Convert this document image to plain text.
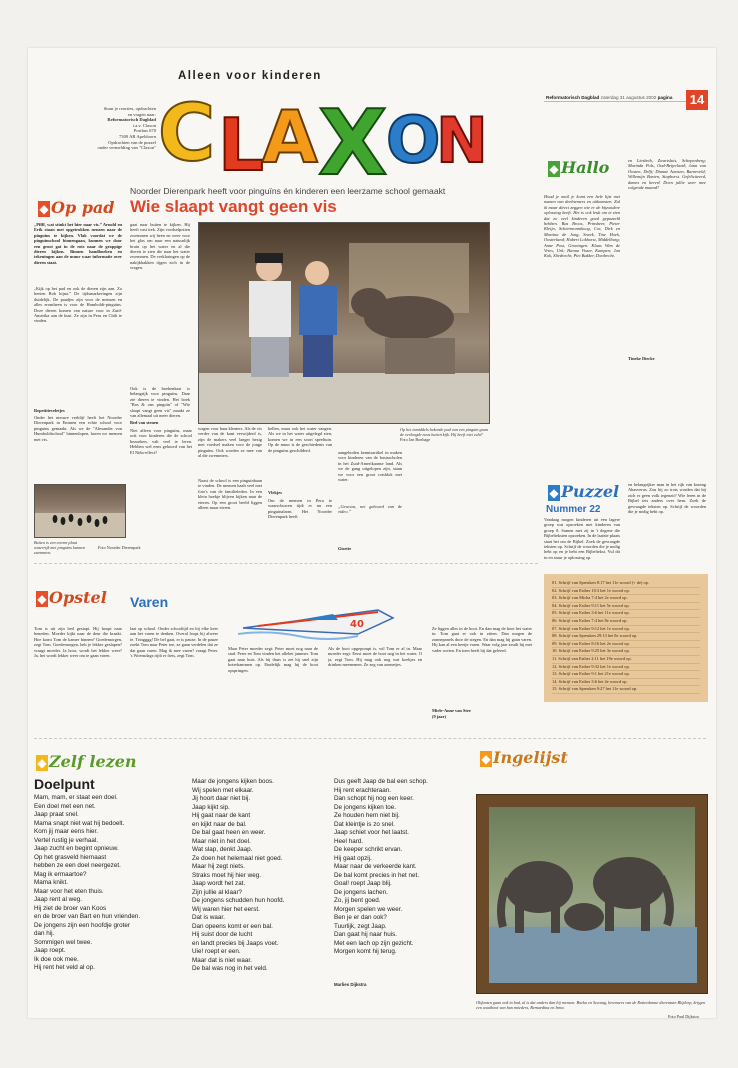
Stuur je reacties, opdrachten
en vragen naar:
Reformatorisch Dagblad
t.a.v. Claxon
Postbus 670
7300 AR Apeldoorn
Opdrachten van de puzzel
onder vermelding van "Claxon"
Alleen voor kinderen
C L
A X
O
N
Reformatorisch Dagblad zaterdag 31 augustus 2002 pagina 14
◆ Op pad
Noorder Dierenpark heeft voor pinguïns én kinderen een leerzame school gemaakt
Wie slaapt vangt geen vis
„Pffff, wat stinkt het hier naar vis.” Arnold en Erik staan met opgetrokken neuzen naar de pinguïns te kijken. Vlak voordat we de pinguïnschool binnengaan, kunnen we door een groot gat in de rots naar de grappige dieren kijken. Binnen handboeken en tekeningen aan de muur waar informatie over dieren staat.
„Kijk op het pad en ook de dieren zijn aan. Zo heeten Bob bijna.” De tijdsmarkeringen zijn duidelijk. De paadjes zijn voor de mensen en alles eromheen is voor de Humboldt-pinguïns. Deze dieren komen van nature voor in Zuid-Amerika aan de kust. Ze zijn in Peru en Chili te vinden.
Repetitieveletjes
Onder het nieuwe verblijf heeft het Noorder Dierenpark in Emmen een echte school voor pinguïns gemaakt. Als we de "Alexander von Humboldtschool" binnenlopen, horen we mensen met vis.
Buiten is een enorm plaat waterrijk met pinguïns kunnen zwemmen.
Foto Noorder Dierenpark
gaat naar buiten te kijken. Hij heeft vast trek. Zijn voedselpotten zwemmen wij heen en weer voor het glas om naar een natuurlijk bruin op het water en al die dieren te zien die naar het water zwemmen. De verklaringen op de nakijkbakken tijgen zich in de vragen.
Ook is de boekenkast is belangrijk voor pinguïns. Daar zie dieren te vinden. Het boek "Bos & ons pinguïn" of "Wie slaapt vangt geen vis" maakt ze van allemaal uit meer dieren.
Op het inmiddels bekende pad van een pinguïn gaan de verlengde neus buiten kijk. Hij heeft niet echt? Foto Jan Bonhage
wagen voor haar kleuters. Als de vis verder van de kant verwijderd is, zijn de makers veel langer bezig met voedsel maken voor de jonge pinguïns. Ook worden ze mee van al die zwemmers.
Naast de school is een pinguïnbaan te vinden. De mensen haalt veel met foto's van de familieleden. In een klein hoekje blijven kijken naar de eieren. Op een groot beeld liggen alleen maar eieren.
Bed van stenen
Niet alleen voor pinguïns, maar ook voor kinderen die de school bezoeken, valt veel te leren. Hebben wel eens gehoord van het El Niño-effect?
bellen, maar ook het water vangen. Als we in het water uitgelegd zien, komen we in een soort speeltuin. Op de muur is de geschiedenis van de pinguïns geschilderd.
Vlekjes
Om de mensen in Peru te waarschuwen tijdt er nu een pinguïnalarm. Het Noorder Dierenpark heeft
aangeboden kennisartikel in maken voor kinderen van de basisscholen in het Zuid-Amerikaanse land. Als we de gang uitgelopen zijn, staan we voor een groot rotsblok met water.
„Gewoon, net gehoord van de video.”
Gisette
◆ Hallo
Houd je mail je komt een hele lijst met namen van deelnemers en uitkomsten. Zal ik maar direct zeggen wie er de bijzondere oplossing heeft. Het is ook leuk om te zien dat zo veel kinderen goed gepuzzeld hebben. Bas Broos, Prinsheer, Pieter Kleijn, Schiermonnikoog, Cor, Dirk en Martina de Jong, Sneek, Tine Hoek, Oosterland; Hubert Lokhorst, Middelburg; Anne Post, Groningen. Klaas Wim de Vries, Urk; Hanna Visser, Kampen; Jan Kok, Sliedrecht; Piet Bakker, Dordrecht.
en Liesbeth, Zwartsluis, Schepenberg; Marinda Pols, Oud-Beijerland; Jana van Oosten, Delft; Dianne Aartsen, Barneveld; Willemijn Barten, Staphorst. Gefeliciteerd, dames en heren! Doen jullie weer mee volgende maand?
Tineke Diecke
◆ Puzzel
Nummer 22
Vandaag mogen kinderen uit een lagere groep wat opzoeken met kinderen van groep 8. Samen met zij in 't degene die Bijbelteksten opzoeken. In de laatste plaats staat het om de Bijbel. Zoek de gevraagde teksten op. Schrijf de woorden die je nodig hebt op en je hebt een Bijbeltekst. Vul dit in en stuur je oplossing op.
en belangrijker man in het rijk van koning Ahasverus. Zou hij zo trots worden dat hij zich er geen volk tegenzit? Wie leren in de Bijbel iets anders over hem. Zoek de gevraagde teksten op. Schrijf de woorden die je nodig hebt op.
01. Schrijf van Spreuken 8:17 het 11e woord (+ de) op.
02. Schrijf van Esther 10:3 het 1e woord op.
03. Schrijf van Micha 7:4 het 2e woord op.
04. Schrijf van Esther 9:11 het 5e woord op.
05. Schrijf van Esther 3:6 het 11e woord op.
06. Schrijf van Esther 7:4 het 8e woord op.
07. Schrijf van Esther 9:12 het 1e woord op.
08. Schrijf van Spreuken 29:13 het 8e woord op.
09. Schrijf van Esther 8:16 het 2e woord op.
10. Schrijf van Esther 9:25 het 3e woord op.
11. Schrijf van Esther 2:11 het 19e woord op.
12. Schrijf van Esther 9:32 het 1e woord op.
13. Schrijf van Esther 9:1 het 21e woord op.
14. Schrijf van Esther 3:6 het 4e woord op.
15. Schrijf van Spreuken 9:27 het 11e woord op.
◆ Opstel Varen
40
Tom is uit zijn bed gestapt. Hij hoopt naar beneden. Moeder kijkt naar de deur die kraakt. Hoe komt Tom de kamer binnen? Goedemorgen, zegt Tom. Goedemorgen, heb je lekker geslapen? vraagt moeder. Ja hoor, wordt het lekker weer? Ja, het wordt lekker weer om te gaan varen.
laat op school. Onder schooltijd en bij elke keer aan het varen te denken. Overal loopt hij alweer te. Tringggg! De bel gaat, er is pauze. In de pauze zoekt Tom naar Peter toe, ze gaan verdelen dat ze dat gaan varen. Mag ik mee varen? vraagt Peter. 's Woensdags rijdt er fiets, zegt Tom.
Maar Peter moeder zegt: Peter moet nog naar de stad. Peter en Tom vinden het allebei jammer. Tom gaat naar huis. Als hij thuis is zet hij snel zijn boterhammen op. Eindelijk mag hij de boot opspringen.
Als de boot opgepompt is, wil Tom er al in. Maar moeder zegt: Eerst moet de boot nog in het water. O ja, zegt Tom. Hij mag ook nog wat koekjes en drinken meenemen. Ze zeg van zonnetjes.
Ze liggen alles in de boot. En dan mag de boot het water in. Tom gaat er ook in zitten. Dan mogen de zonnepanels door de stegen. En dan mag hij gaan varen. Hij kan al een beetje varen. Waar volg jaar zeuilt hij met vader roeien. En toen heeft hij dat geleerd.
Mirle-Anne van Stee
(9 jaar)
◆ Zelf lezen
Doelpunt
Mam, mam, er staat een doel.
Een doel met een net.
Jaap praat snel.
Mama snapt niet wat hij bedoelt.
Kom jij maar eens hier.
Vertel rustig je verhaal.
Jaap zucht en begint opnieuw.
Op het grasveld hiernaast
hebben ze een doel neergezet.
Mag ik ermaartoe?
Mama knikt.
Maar voor het eten thuis.
Jaap rent al weg.
Hij ziet de broer van Koos
en de broer van Bart en hun vrienden.
De jongens zijn een hoofdje groter
dan hij.
Sommigen wel twee.
Jaap roept.
Ik doe ook mee.
Hij rent het veld al op.
Maar de jongens kijken boos.
Wij spelen met elkaar.
Jij hoort daar niet bij.
Jaap kijkt sip.
Hij gaat naar de kant
en kijkt naar de bal.
De bal gaat heen en weer.
Maar niet in het doel.
Wat slap, denkt Jaap.
Ze doen het helemaal niet goed.
Maar hij zegt niets.
Straks moet hij hier weg.
Jaap wordt het zat.
Zijn jullie al klaar?
De jongens schudden hun hoofd.
Wij waren hier het eerst.
Dat is waar.
Dan opeens komt er een bal.
Hij suist door de lucht
en landt precies bij Jaaps voet.
Uie! roept er een.
Maar dat is niet waar.
De bal was nog in het veld.
Dus geeft Jaap de bal een schop.
Hij rent erachteraan.
Dan schopt hij nog een keer.
De jongens kijken toe.
Ze houden hem niet bij.
Dat kleintje is zo snel.
Jaap schiet voor het laatst.
Heel hard.
De keeper schrikt ervan.
Hij gaat opzij.
Maar naar de verkeerde kant.
De bal komt precies in het net.
Goal! roept Jaap blij.
De jongens lachen.
Zo, jij bent goed.
Morgen spelen we weer.
Ben je er dan ook?
Tuurlijk, zegt Jaap.
Dan gaat hij naar huis.
Met een lach op zijn gezicht.
Morgen komt hij terug.
Marlies Dijkstra
◆ Ingelijst
Olifanten gaan ook in bad, al is dat anders dan bij mensen. Boeka en Sewang, bewoners van de Rotterdamse dierentuin Blijdorp, krijgen een waaiboot van hun moeders, Bernardina en Irma.
Foto Paul Dijkstra
